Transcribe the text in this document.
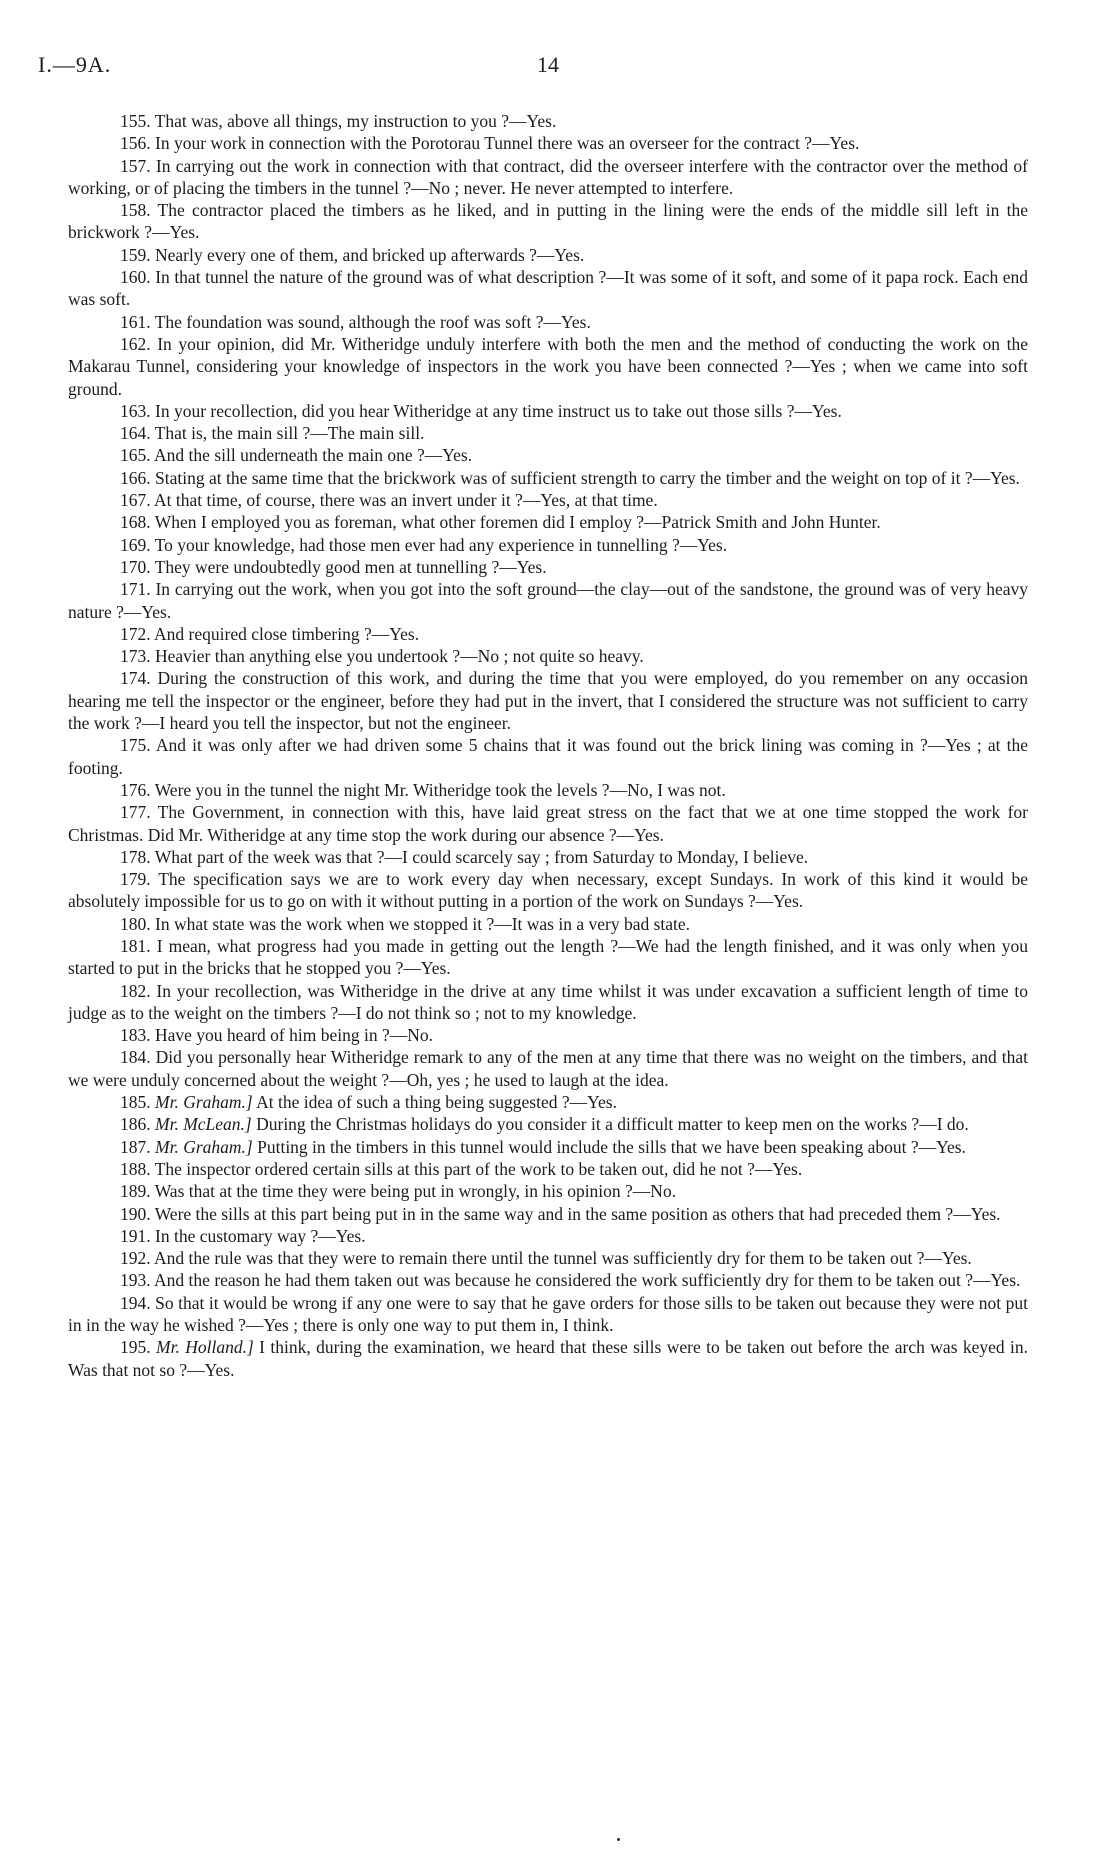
I.—9A.	14

155. That was, above all things, my instruction to you ?—Yes.

156. In your work in connection with the Porotorau Tunnel there was an overseer for the contract ?—Yes.

157. In carrying out the work in connection with that contract, did the overseer interfere with the contractor over the method of working, or of placing the timbers in the tunnel ?—No ; never. He never attempted to interfere.

158. The contractor placed the timbers as he liked, and in putting in the lining were the ends of the middle sill left in the brickwork ?—Yes.

159. Nearly every one of them, and bricked up afterwards ?—Yes.

160. In that tunnel the nature of the ground was of what description ?—It was some of it soft, and some of it papa rock. Each end was soft.

161. The foundation was sound, although the roof was soft ?—Yes.

162. In your opinion, did Mr. Witheridge unduly interfere with both the men and the method of conducting the work on the Makarau Tunnel, considering your knowledge of inspectors in the work you have been connected ?—Yes ; when we came into soft ground.

163. In your recollection, did you hear Witheridge at any time instruct us to take out those sills ?—Yes.

164. That is, the main sill ?—The main sill.

165. And the sill underneath the main one ?—Yes.

166. Stating at the same time that the brickwork was of sufficient strength to carry the timber and the weight on top of it ?—Yes.

167. At that time, of course, there was an invert under it ?—Yes, at that time.

168. When I employed you as foreman, what other foremen did I employ ?—Patrick Smith and John Hunter.

169. To your knowledge, had those men ever had any experience in tunnelling ?—Yes.

170. They were undoubtedly good men at tunnelling ?—Yes.

171. In carrying out the work, when you got into the soft ground—the clay—out of the sandstone, the ground was of very heavy nature ?—Yes.

172. And required close timbering ?—Yes.

173. Heavier than anything else you undertook ?—No ; not quite so heavy.

174. During the construction of this work, and during the time that you were employed, do you remember on any occasion hearing me tell the inspector or the engineer, before they had put in the invert, that I considered the structure was not sufficient to carry the work ?—I heard you tell the inspector, but not the engineer.

175. And it was only after we had driven some 5 chains that it was found out the brick lining was coming in ?—Yes ; at the footing.

176. Were you in the tunnel the night Mr. Witheridge took the levels ?—No, I was not.

177. The Government, in connection with this, have laid great stress on the fact that we at one time stopped the work for Christmas. Did Mr. Witheridge at any time stop the work during our absence ?—Yes.

178. What part of the week was that ?—I could scarcely say ; from Saturday to Monday, I believe.

179. The specification says we are to work every day when necessary, except Sundays. In work of this kind it would be absolutely impossible for us to go on with it without putting in a portion of the work on Sundays ?—Yes.

180. In what state was the work when we stopped it ?—It was in a very bad state.

181. I mean, what progress had you made in getting out the length ?—We had the length finished, and it was only when you started to put in the bricks that he stopped you ?—Yes.

182. In your recollection, was Witheridge in the drive at any time whilst it was under excavation a sufficient length of time to judge as to the weight on the timbers ?—I do not think so ; not to my knowledge.

183. Have you heard of him being in ?—No.

184. Did you personally hear Witheridge remark to any of the men at any time that there was no weight on the timbers, and that we were unduly concerned about the weight ?—Oh, yes ; he used to laugh at the idea.

185. Mr. Graham.] At the idea of such a thing being suggested ?—Yes.

186. Mr. McLean.] During the Christmas holidays do you consider it a difficult matter to keep men on the works ?—I do.

187. Mr. Graham.] Putting in the timbers in this tunnel would include the sills that we have been speaking about ?—Yes.

188. The inspector ordered certain sills at this part of the work to be taken out, did he not ?—Yes.

189. Was that at the time they were being put in wrongly, in his opinion ?—No.

190. Were the sills at this part being put in in the same way and in the same position as others that had preceded them ?—Yes.

191. In the customary way ?—Yes.

192. And the rule was that they were to remain there until the tunnel was sufficiently dry for them to be taken out ?—Yes.

193. And the reason he had them taken out was because he considered the work sufficiently dry for them to be taken out ?—Yes.

194. So that it would be wrong if any one were to say that he gave orders for those sills to be taken out because they were not put in in the way he wished ?—Yes ; there is only one way to put them in, I think.

195. Mr. Holland.] I think, during the examination, we heard that these sills were to be taken out before the arch was keyed in. Was that not so ?—Yes.
